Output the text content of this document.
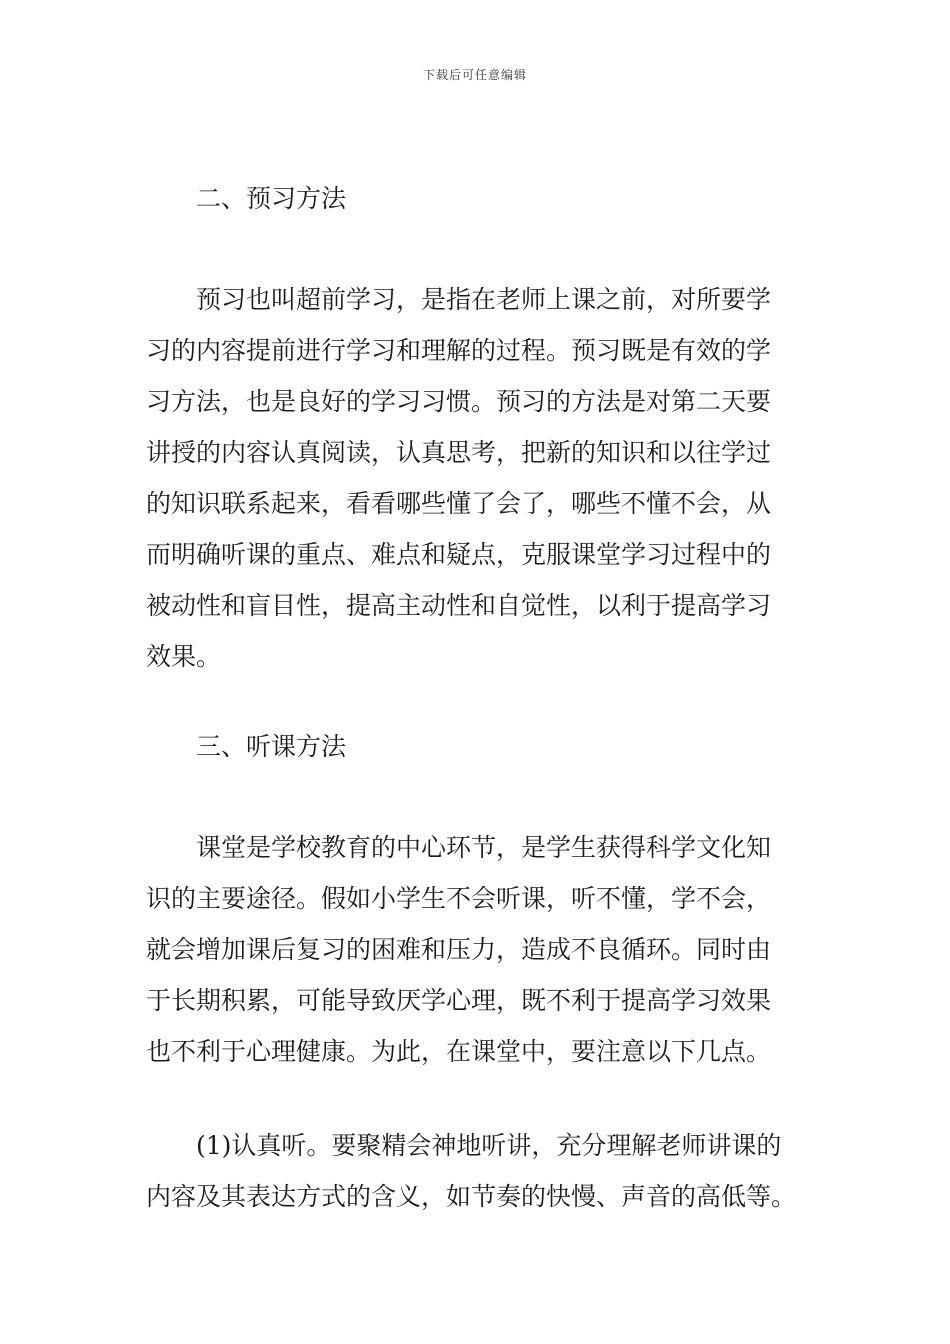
下载后可任意编辑
二、预习方法
预习也叫超前学习，是指在老师上课之前，对所要学
习的内容提前进行学习和理解的过程。预习既是有效的学
习方法，也是良好的学习习惯。预习的方法是对第二天要
讲授的内容认真阅读，认真思考，把新的知识和以往学过
的知识联系起来，看看哪些懂了会了，哪些不懂不会，从
而明确听课的重点、难点和疑点，克服课堂学习过程中的
被动性和盲目性，提高主动性和自觉性，以利于提高学习
效果。
三、听课方法
课堂是学校教育的中心环节，是学生获得科学文化知
识的主要途径。假如小学生不会听课，听不懂，学不会，
就会增加课后复习的困难和压力，造成不良循环。同时由
于长期积累，可能导致厌学心理，既不利于提高学习效果
也不利于心理健康。为此，在课堂中，要注意以下几点。
(1)认真听。要聚精会神地听讲，充分理解老师讲课的
内容及其表达方式的含义，如节奏的快慢、声音的高低等。
